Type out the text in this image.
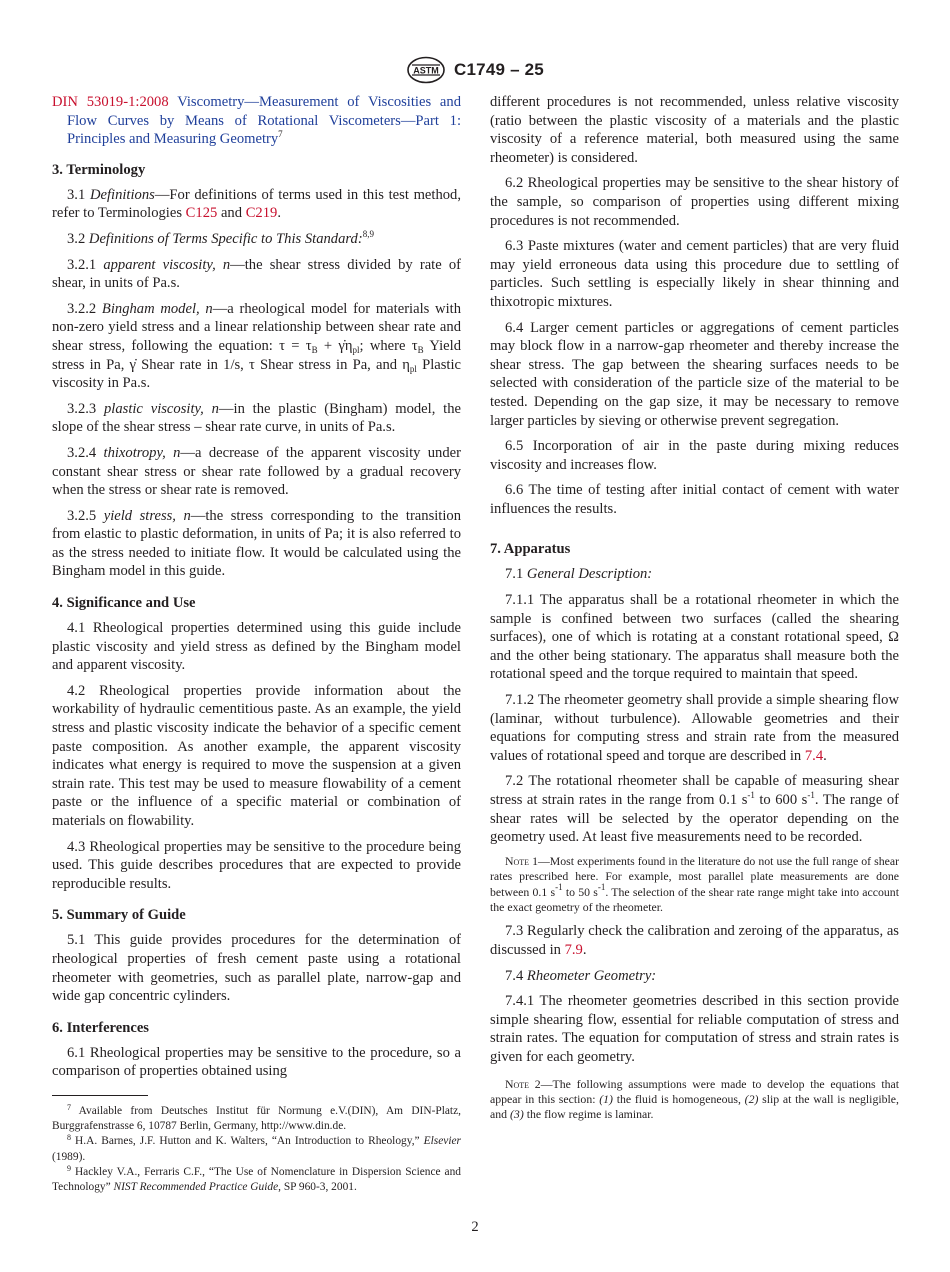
ASTM C1749 – 25

DIN 53019-1:2008 Viscometry—Measurement of Viscosities and Flow Curves by Means of Rotational Viscometers—Part 1: Principles and Measuring Geometry$^7$

3. Terminology

3.1 Definitions—For definitions of terms used in this test method, refer to Terminologies C125 and C219.

3.2 Definitions of Terms Specific to This Standard:$^{8,9}$

3.2.1 apparent viscosity, n—the shear stress divided by rate of shear, in units of Pa.s.

3.2.2 Bingham model, n—a rheological model for materials with non-zero yield stress and a linear relationship between shear rate and shear stress, following the equation: $\tau = \tau_B$ + $\gammȧ\eta_{pl}$; where $\tau_B$ Yield stress in Pa, γ̇ Shear rate in 1/s, τ Shear stress in Pa, and $\eta_{pl}$ Plastic viscosity in Pa.s.

3.2.3 plastic viscosity, n—in the plastic (Bingham) model, the slope of the shear stress – shear rate curve, in units of Pa.s.

3.2.4 thixotropy, n—a decrease of the apparent viscosity under constant shear stress or shear rate followed by a gradual recovery when the stress or shear rate is removed.

3.2.5 yield stress, n—the stress corresponding to the transition from elastic to plastic deformation, in units of Pa; it is also referred to as the stress needed to initiate flow. It would be calculated using the Bingham model in this guide.

4. Significance and Use

4.1 Rheological properties determined using this guide include plastic viscosity and yield stress as defined by the Bingham model and apparent viscosity.

4.2 Rheological properties provide information about the workability of hydraulic cementitious paste. As an example, the yield stress and plastic viscosity indicate the behavior of a specific cement paste composition. As another example, the apparent viscosity indicates what energy is required to move the suspension at a given strain rate. This test may be used to measure flowability of a cement paste or the influence of a specific material or combination of materials on flowability.

4.3 Rheological properties may be sensitive to the procedure being used. This guide describes procedures that are expected to provide reproducible results.

5. Summary of Guide

5.1 This guide provides procedures for the determination of rheological properties of fresh cement paste using a rotational rheometer with geometries, such as parallel plate, narrow-gap and wide gap concentric cylinders.

6. Interferences

6.1 Rheological properties may be sensitive to the procedure, so a comparison of properties obtained using

$^7$ Available from Deutsches Institut für Normung e.V.(DIN), Am DIN-Platz, Burggrafenstrasse 6, 10787 Berlin, Germany, http://www.din.de.
$^8$ H.A. Barnes, J.F. Hutton and K. Walters, “An Introduction to Rheology,” Elsevier (1989).
$^9$ Hackley V.A., Ferraris C.F., “The Use of Nomenclature in Dispersion Science and Technology” NIST Recommended Practice Guide, SP 960-3, 2001.

different procedures is not recommended, unless relative viscosity (ratio between the plastic viscosity of a materials and the plastic viscosity of a reference material, both measured using the same rheometer) is considered.

6.2 Rheological properties may be sensitive to the shear history of the sample, so comparison of properties using different mixing procedures is not recommended.

6.3 Paste mixtures (water and cement particles) that are very fluid may yield erroneous data using this procedure due to settling of particles. Such settling is especially likely in shear thinning and thixotropic mixtures.

6.4 Larger cement particles or aggregations of cement particles may block flow in a narrow-gap rheometer and thereby increase the shear stress. The gap between the shearing surfaces needs to be selected with consideration of the particle size of the material to be tested. Depending on the gap size, it may be necessary to remove larger particles by sieving or otherwise prevent segregation.

6.5 Incorporation of air in the paste during mixing reduces viscosity and increases flow.

6.6 The time of testing after initial contact of cement with water influences the results.

7. Apparatus

7.1 General Description:

7.1.1 The apparatus shall be a rotational rheometer in which the sample is confined between two surfaces (called the shearing surfaces), one of which is rotating at a constant rotational speed, Ω and the other being stationary. The apparatus shall measure both the rotational speed and the torque required to maintain that speed.

7.1.2 The rheometer geometry shall provide a simple shearing flow (laminar, without turbulence). Allowable geometries and their equations for computing stress and strain rate from the measured values of rotational speed and torque are described in 7.4.

7.2 The rotational rheometer shall be capable of measuring shear stress at strain rates in the range from 0.1 $s^{-1}$ to 600 $s^{-1}$. The range of shear rates will be selected by the operator depending on the geometry used. At least five measurements need to be recorded.

Note 1—Most experiments found in the literature do not use the full range of shear rates prescribed here. For example, most parallel plate measurements are done between 0.1 $s^{-1}$ to 50 $s^{-1}$. The selection of the shear rate range might take into account the exact geometry of the rheometer.

7.3 Regularly check the calibration and zeroing of the apparatus, as discussed in 7.9.

7.4 Rheometer Geometry:

7.4.1 The rheometer geometries described in this section provide simple shearing flow, essential for reliable computation of stress and strain rates. The equation for computation of stress and strain rates is given for each geometry.

Note 2—The following assumptions were made to develop the equations that appear in this section: (1) the fluid is homogeneous, (2) slip at the wall is negligible, and (3) the flow regime is laminar.
2
